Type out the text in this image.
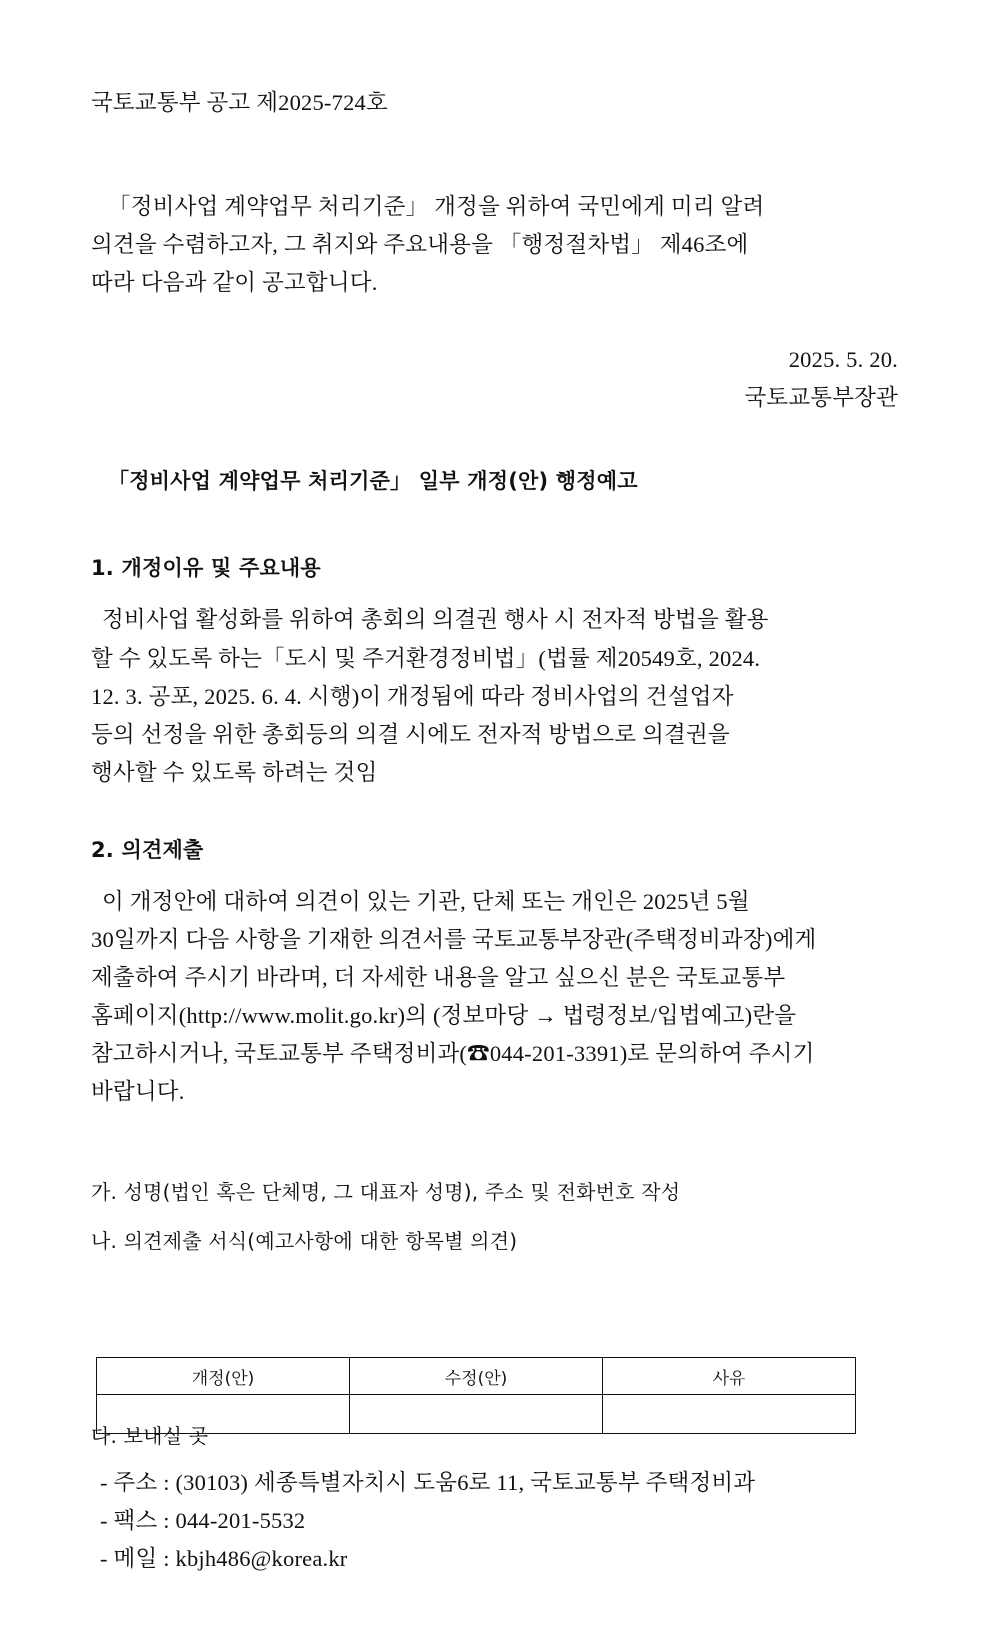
국토교통부 공고 제2025-724호
「정비사업 계약업무 처리기준」 개정을 위하여 국민에게 미리 알려
의견을 수렴하고자, 그 취지와 주요내용을 「행정절차법」 제46조에
따라 다음과 같이 공고합니다.
2025. 5. 20.
국토교통부장관
「정비사업 계약업무 처리기준」 일부 개정(안) 행정예고
1. 개정이유 및 주요내용
정비사업 활성화를 위하여 총회의 의결권 행사 시 전자적 방법을 활용
할 수 있도록 하는「도시 및 주거환경정비법」(법률 제20549호, 2024.
12. 3. 공포, 2025. 6. 4. 시행)이 개정됨에 따라 정비사업의 건설업자
등의 선정을 위한 총회등의 의결 시에도 전자적 방법으로 의결권을
행사할 수 있도록 하려는 것임
2. 의견제출
이 개정안에 대하여 의견이 있는 기관, 단체 또는 개인은 2025년 5월
30일까지 다음 사항을 기재한 의견서를 국토교통부장관(주택정비과장)에게
제출하여 주시기 바라며, 더 자세한 내용을 알고 싶으신 분은 국토교통부
홈페이지(http://www.molit.go.kr)의 (정보마당 → 법령정보/입법예고)란을
참고하시거나, 국토교통부 주택정비과(☎044-201-3391)로 문의하여 주시기
바랍니다.
가. 성명(법인 혹은 단체명, 그 대표자 성명), 주소 및 전화번호 작성
나. 의견제출 서식(예고사항에 대한 항목별 의견)
개정(안)	수정(안)	사유

다. 보내실 곳
- 주소 : (30103) 세종특별자치시 도움6로 11, 국토교통부 주택정비과
- 팩스 : 044-201-5532
- 메일 : kbjh486@korea.kr
